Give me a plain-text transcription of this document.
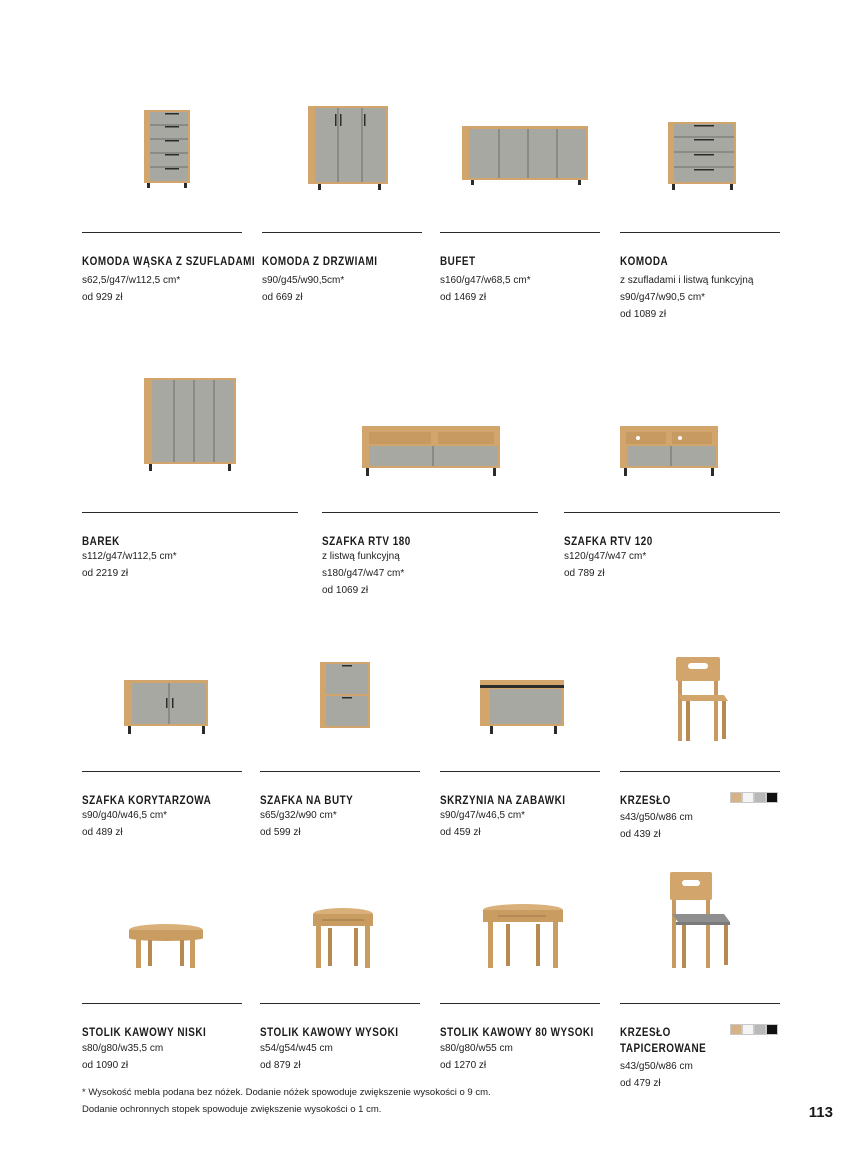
KOMODA WĄSKA Z SZUFLADAMI
s62,5/g47/w112,5 cm*
od 929 zł
KOMODA Z DRZWIAMI
s90/g45/w90,5cm*
od 669 zł
BUFET
s160/g47/w68,5 cm*
od 1469 zł
KOMODA
z szufladami i listwą funkcyjną
s90/g47/w90,5 cm*
od 1089 zł
BAREK
s112/g47/w112,5 cm*
od 2219 zł
SZAFKA RTV 180
z listwą funkcyjną
s180/g47/w47 cm*
od 1069 zł
SZAFKA RTV 120
s120/g47/w47 cm*
od 789 zł
SZAFKA KORYTARZOWA
s90/g40/w46,5 cm*
od 489 zł
SZAFKA NA BUTY
s65/g32/w90 cm*
od 599 zł
SKRZYNIA NA ZABAWKI
s90/g47/w46,5 cm*
od 459 zł
KRZESŁO
s43/g50/w86 cm
od 439 zł
STOLIK KAWOWY NISKI
s80/g80/w35,5 cm
od 1090 zł
STOLIK KAWOWY WYSOKI
s54/g54/w45 cm
od 879 zł
STOLIK KAWOWY 80 WYSOKI
s80/g80/w55 cm
od 1270 zł
KRZESŁO
TAPICEROWANE
s43/g50/w86 cm
od 479 zł
* Wysokość mebla podana bez nóżek. Dodanie nóżek spowoduje zwiększenie wysokości o 9 cm.
Dodanie ochronnych stopek spowoduje zwiększenie wysokości o 1 cm.	113
